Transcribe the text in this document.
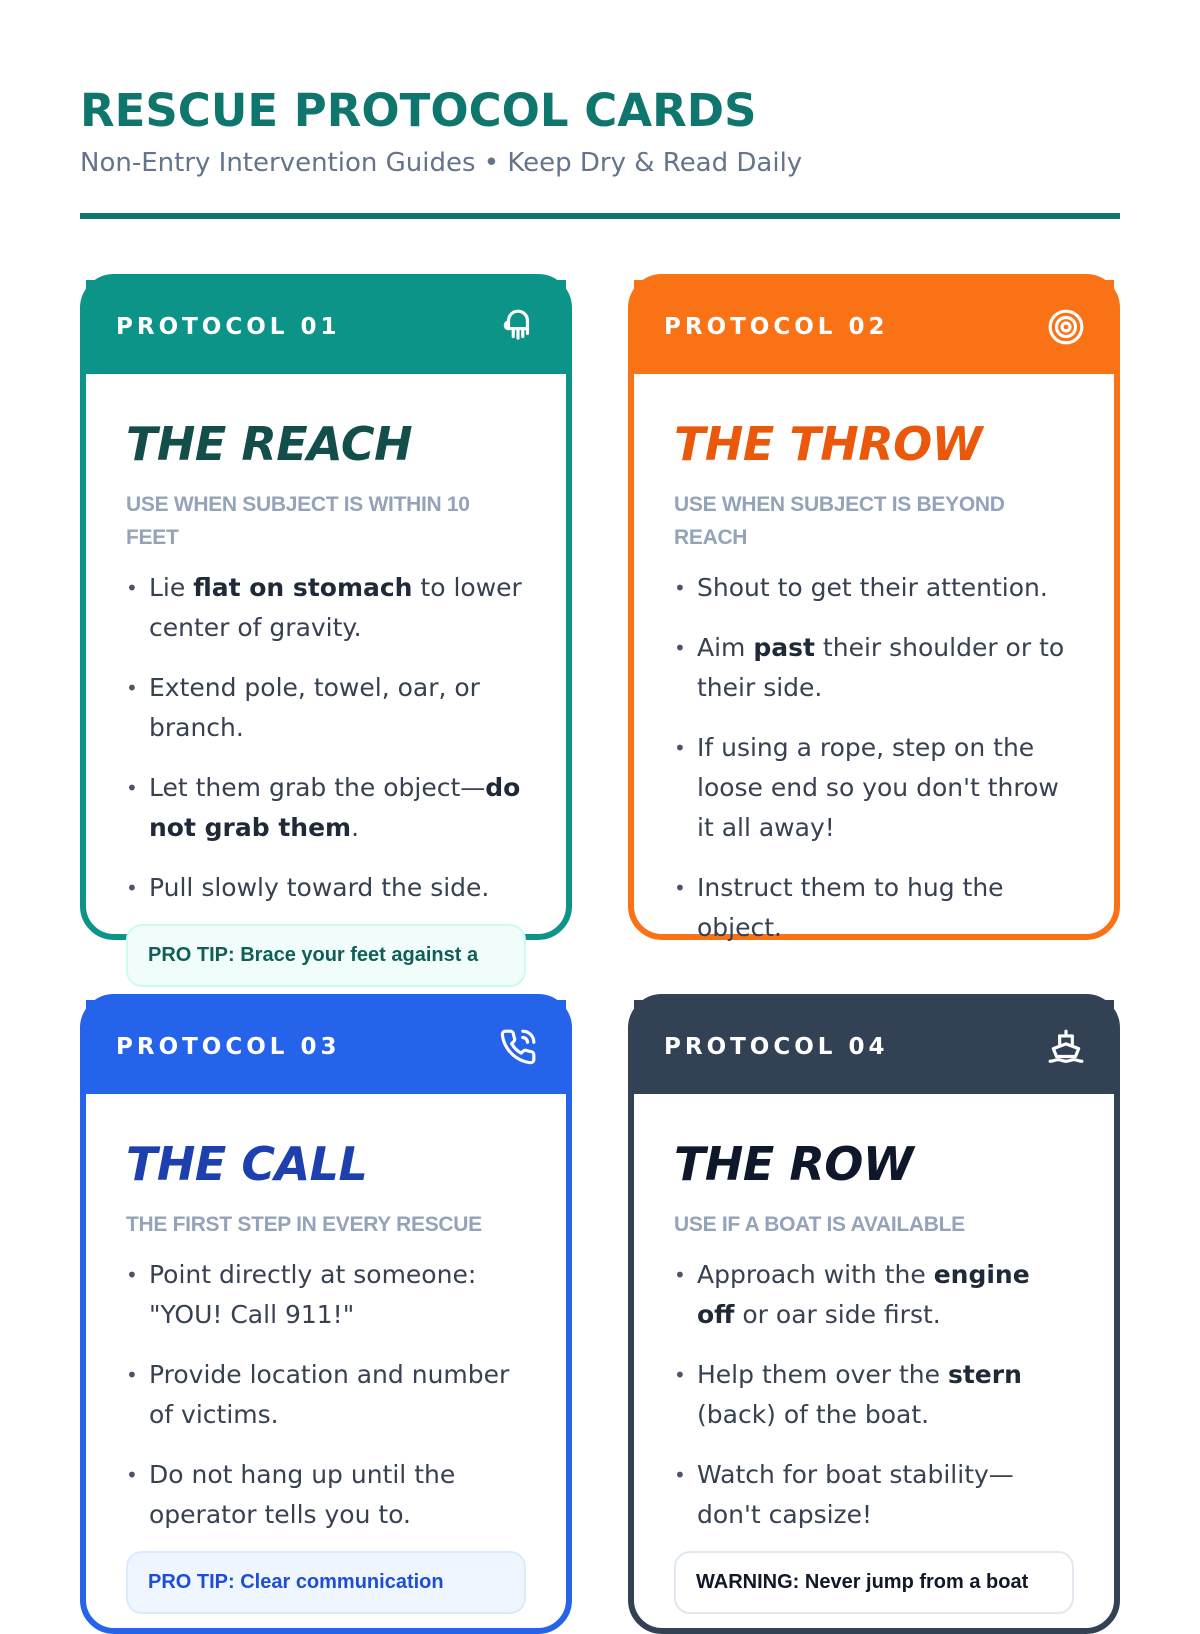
RESCUE PROTOCOL CARDS
Non-Entry Intervention Guides • Keep Dry & Read Daily
PROTOCOL 01
THE REACH
USE WHEN SUBJECT IS WITHIN 10 FEET
• Lie flat on stomach to lower center of gravity.
• Extend pole, towel, oar, or branch.
• Let them grab the object—do not grab them.
• Pull slowly toward the side.
PRO TIP: Brace your feet against a
PROTOCOL 02
THE THROW
USE WHEN SUBJECT IS BEYOND REACH
• Shout to get their attention.
• Aim past their shoulder or to their side.
• If using a rope, step on the loose end so you don't throw it all away!
• Instruct them to hug the object.
PROTOCOL 03
THE CALL
THE FIRST STEP IN EVERY RESCUE
• Point directly at someone: "YOU! Call 911!"
• Provide location and number of victims.
• Do not hang up until the operator tells you to.
PRO TIP: Clear communication
PROTOCOL 04
THE ROW
USE IF A BOAT IS AVAILABLE
• Approach with the engine off or oar side first.
• Help them over the stern (back) of the boat.
• Watch for boat stability—don't capsize!
WARNING: Never jump from a boat
